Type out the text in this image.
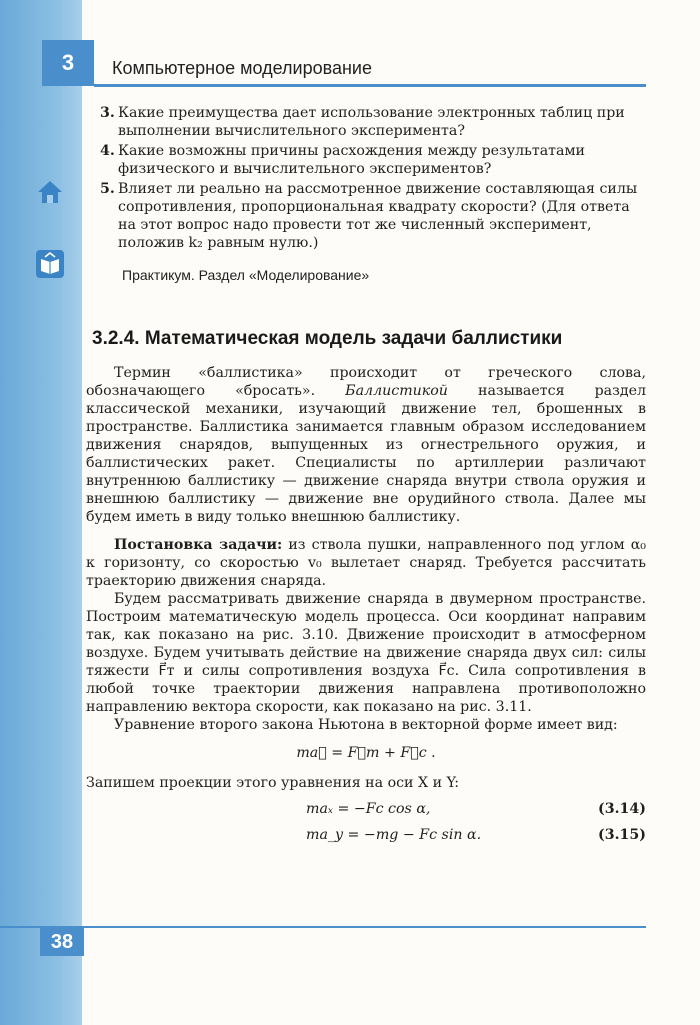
3	Компьютерное моделирование
3. Какие преимущества дает использование электронных таблиц при выполнении вычислительного эксперимента?
4. Какие возможны причины расхождения между результатами физического и вычислительного экспериментов?
5. Влияет ли реально на рассмотренное движение составляющая силы сопротивления, пропорциональная квадрату скорости? (Для ответа на этот вопрос надо провести тот же численный эксперимент, положив k₂ равным нулю.)
Практикум. Раздел «Моделирование»
3.2.4. Математическая модель задачи баллистики

Термин «баллистика» происходит от греческого слова, обозначающего «бросать». Баллистикой называется раздел классической механики, изучающий движение тел, брошенных в пространстве. Баллистика занимается главным образом исследованием движения снарядов, выпущенных из огнестрельного оружия, и баллистических ракет. Специалисты по артиллерии различают внутреннюю баллистику — движение снаряда внутри ствола оружия и внешнюю баллистику — движение вне орудийного ствола. Далее мы будем иметь в виду только внешнюю баллистику.

Постановка задачи: из ствола пушки, направленного под углом α₀ к горизонту, со скоростью v₀ вылетает снаряд. Требуется рассчитать траекторию движения снаряда.

Будем рассматривать движение снаряда в двумерном пространстве. Построим математическую модель процесса. Оси координат направим так, как показано на рис. 3.10. Движение происходит в атмосферном воздухе. Будем учитывать действие на движение снаряда двух сил: силы тяжести F⃗т и силы сопротивления воздуха F⃗с. Сила сопротивления в любой точке траектории движения направлена противоположно направлению вектора скорости, как показано на рис. 3.11.

Уравнение второго закона Ньютона в векторной форме имеет вид:

ma⃗ = F⃗т + F⃗с .

Запишем проекции этого уравнения на оси X и Y:

maₓ = −Fс cos α,	(3.14)
ma_y = −mg − Fс sin α.	(3.15)
38
